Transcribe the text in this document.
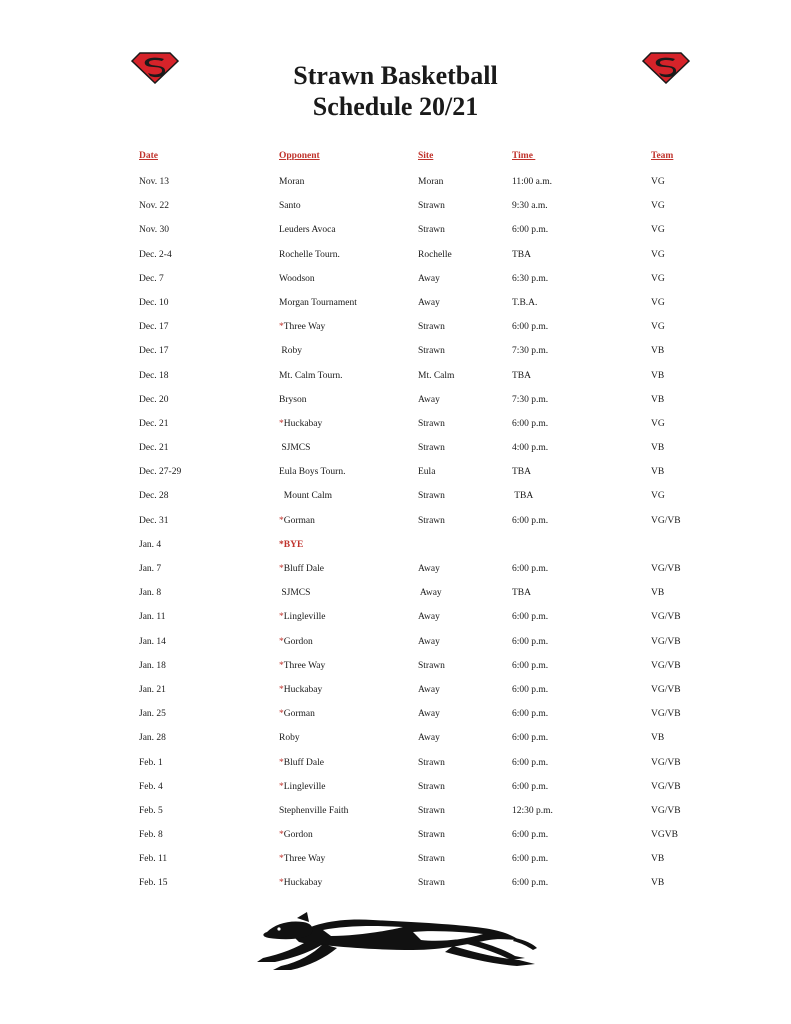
Strawn Basketball
Schedule 20/21
Date	Opponent	Site	Time	Team
Nov. 13	Moran	Moran	11:00 a.m.	VG
Nov. 22	Santo	Strawn	9:30 a.m.	VG
Nov. 30	Leuders Avoca	Strawn	6:00 p.m.	VG
Dec. 2-4	Rochelle Tourn.	Rochelle	TBA	VG
Dec. 7	Woodson	Away	6:30 p.m.	VG
Dec. 10	Morgan Tournament	Away	T.B.A.	VG
Dec. 17	*Three Way	Strawn	6:00 p.m.	VG
Dec. 17	Roby	Strawn	7:30 p.m.	VB
Dec. 18	Mt. Calm Tourn.	Mt. Calm	TBA	VB
Dec. 20	Bryson	Away	7:30 p.m.	VB
Dec. 21	*Huckabay	Strawn	6:00 p.m.	VG
Dec. 21	SJMCS	Strawn	4:00 p.m.	VB
Dec. 27-29	Eula Boys Tourn.	Eula	TBA	VB
Dec. 28	Mount Calm	Strawn	TBA	VG
Dec. 31	*Gorman	Strawn	6:00 p.m.	VG/VB
Jan. 4	*BYE
Jan. 7	*Bluff Dale	Away	6:00 p.m.	VG/VB
Jan. 8	SJMCS	Away	TBA	VB
Jan. 11	*Lingleville	Away	6:00 p.m.	VG/VB
Jan. 14	*Gordon	Away	6:00 p.m.	VG/VB
Jan. 18	*Three Way	Strawn	6:00 p.m.	VG/VB
Jan. 21	*Huckabay	Away	6:00 p.m.	VG/VB
Jan. 25	*Gorman	Away	6:00 p.m.	VG/VB
Jan. 28	Roby	Away	6:00 p.m.	VB
Feb. 1	*Bluff Dale	Strawn	6:00 p.m.	VG/VB
Feb. 4	*Lingleville	Strawn	6:00 p.m.	VG/VB
Feb. 5	Stephenville Faith	Strawn	12:30 p.m.	VG/VB
Feb. 8	*Gordon	Strawn	6:00 p.m.	VGVB
Feb. 11	*Three Way	Strawn	6:00 p.m.	VB
Feb. 15	*Huckabay	Strawn	6:00 p.m.	VB
